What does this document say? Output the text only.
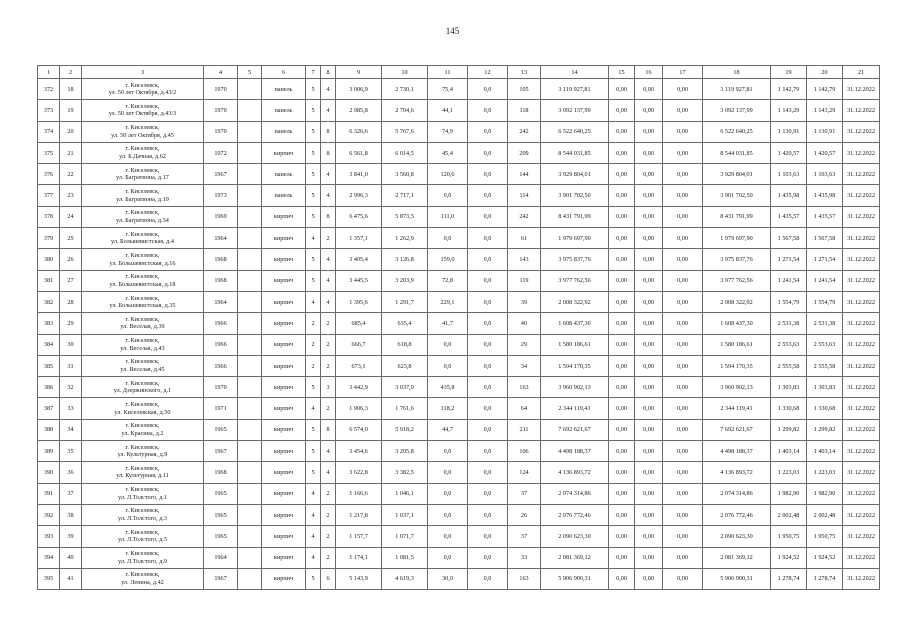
145
1	2	3	4	5	6	7	8	9	10	11	12	13	14	15	16	17	18	19	20	21
372	18	г. Киселевск,
ул. 50 лет Октября, д.43/2	1970		панель	5	4	3 006,9	2 730,1	75,4	0,0	105	3 119 927,81	0,00	0,00	0,00	3 119 927,81	1 142,79	1 142,79	31.12.2022
373	19	г. Киселевск,
ул. 50 лет Октября, д.43/3	1970		панель	5	4	2 985,8	2 704,6	44,1	0,0	118	3 092 137,99	0,00	0,00	0,00	3 092 137,99	1 143,29	1 143,29	31.12.2022
374	20	г. Киселевск,
ул. 50 лет Октября, д.45	1970		панель	5	8	6 326,6	5 767,6	74,9	0,0	242	6 522 640,25	0,00	0,00	0,00	6 522 640,25	1 130,91	1 130,91	31.12.2022
375	21	г. Киселевск,
ул. Б.Дачная, д.62	1972		кирпич	5	8	6 561,8	6 014,5	45,4	0,0	209	8 544 031,85	0,00	0,00	0,00	8 544 031,85	1 420,57	1 420,57	31.12.2022
376	22	г. Киселевск,
ул. Багратиона, д.17	1967		панель	5	4	3 841,0	3 560,8	120,6	0,0	144	3 929 804,01	0,00	0,00	0,00	3 929 804,01	1 103,63	1 103,63	31.12.2022
377	23	г. Киселевск,
ул. Багратиона, д.19	1973		панель	5	4	2 996,3	2 717,1	0,0	0,0	114	3 901 702,50	0,00	0,00	0,00	3 901 702,50	1 435,98	1 435,98	31.12.2022
378	24	г. Киселевск,
ул. Багратиона, д.34	1969		кирпич	5	8	6 475,6	5 873,5	111,0	0,0	242	8 431 791,99	0,00	0,00	0,00	8 431 791,99	1 435,57	1 435,57	31.12.2022
379	25	г. Киселевск,
ул. Большевистская, д.4	1964		кирпич	4	2	1 357,1	1 262,9	0,0	0,0	61	1 979 697,90	0,00	0,00	0,00	1 979 697,90	1 567,58	1 567,58	31.12.2022
380	26	г. Киселевск,
ул. Большевистская, д.16	1968		кирпич	5	4	3 405,4	3 126,8	159,0	0,0	143	3 975 837,76	0,00	0,00	0,00	3 975 837,76	1 271,54	1 271,54	31.12.2022
381	27	г. Киселевск,
ул. Большевистская, д.18	1968		кирпич	5	4	3 445,5	3 203,9	72,8	0,0	119	3 977 762,56	0,00	0,00	0,00	3 977 762,56	1 241,54	1 241,54	31.12.2022
382	28	г. Киселевск,
ул. Большевистская, д.35	1964		кирпич	4	4	1 395,6	1 291,7	229,1	0,0	39	2 008 322,92	0,00	0,00	0,00	2 008 322,92	1 554,79	1 554,79	31.12.2022
383	29	г. Киселевск,
ул. Веселая, д.39	1966		кирпич	2	2	685,4	635,4	41,7	0,0	40	1 608 437,30	0,00	0,00	0,00	1 608 437,30	2 531,38	2 531,38	31.12.2022
384	30	г. Киселевск,
ул. Веселая, д.43	1966		кирпич	2	2	666,7	618,8	0,0	0,0	29	1 580 186,61	0,00	0,00	0,00	1 580 186,61	2 553,63	2 553,63	31.12.2022
385	31	г. Киселевск,
ул. Веселая, д.45	1966		кирпич	2	2	673,1	623,8	0,0	0,0	34	1 594 170,35	0,00	0,00	0,00	1 594 170,35	2 555,58	2 555,58	31.12.2022
386	32	г. Киселевск,
ул. Дзержинского, д.1	1970		кирпич	5	3	3 442,9	3 037,9	435,8	0,0	163	3 960 902,13	0,00	0,00	0,00	3 960 902,13	1 303,83	1 303,83	31.12.2022
387	33	г. Киселевск,
ул. Киселевская, д.50	1971		кирпич	4	2	1 906,3	1 761,6	118,2	0,0	64	2 344 119,41	0,00	0,00	0,00	2 344 119,41	1 330,68	1 330,68	31.12.2022
388	34	г. Киселевск,
ул. Красина, д.2	1965		кирпич	5	8	6 574,0	5 918,2	44,7	0,0	211	7 692 621,67	0,00	0,00	0,00	7 692 621,67	1 299,82	1 299,82	31.12.2022
389	35	г. Киселевск,
ул. Культурная, д.9	1967		кирпич	5	4	3 454,6	3 205,8	0,0	0,0	106	4 498 188,37	0,00	0,00	0,00	4 498 188,37	1 403,14	1 403,14	31.12.2022
390	36	г. Киселевск,
ул. Культурная, д.11	1968		кирпич	5	4	3 622,8	3 382,5	0,0	0,0	124	4 136 893,72	0,00	0,00	0,00	4 136 893,72	1 223,03	1 223,03	31.12.2022
391	37	г. Киселевск,
ул. Л.Толстого, д.1	1965		кирпич	4	2	1 166,6	1 046,1	0,0	0,0	37	2 074 314,86	0,00	0,00	0,00	2 074 314,86	1 982,90	1 982,90	31.12.2022
392	38	г. Киселевск,
ул. Л.Толстого, д.3	1965		кирпич	4	2	1 217,8	1 037,1	0,0	0,0	26	2 076 772,46	0,00	0,00	0,00	2 076 772,46	2 002,48	2 002,48	31.12.2022
393	39	г. Киселевск,
ул. Л.Толстого, д.5	1965		кирпич	4	2	1 157,7	1 071,7	0,0	0,0	37	2 090 623,30	0,00	0,00	0,00	2 090 623,30	1 950,75	1 950,75	31.12.2022
394	40	г. Киселевск,
ул. Л.Толстого, д.9	1964		кирпич	4	2	1 174,1	1 081,5	0,0	0,0	33	2 081 369,12	0,00	0,00	0,00	2 081 369,12	1 924,52	1 924,52	31.12.2022
395	41	г. Киселевск,
ул. Ленина, д.42	1967		кирпич	5	6	5 143,9	4 619,3	30,0	0,0	163	5 906 900,31	0,00	0,00	0,00	5 906 900,31	1 278,74	1 278,74	31.12.2022
